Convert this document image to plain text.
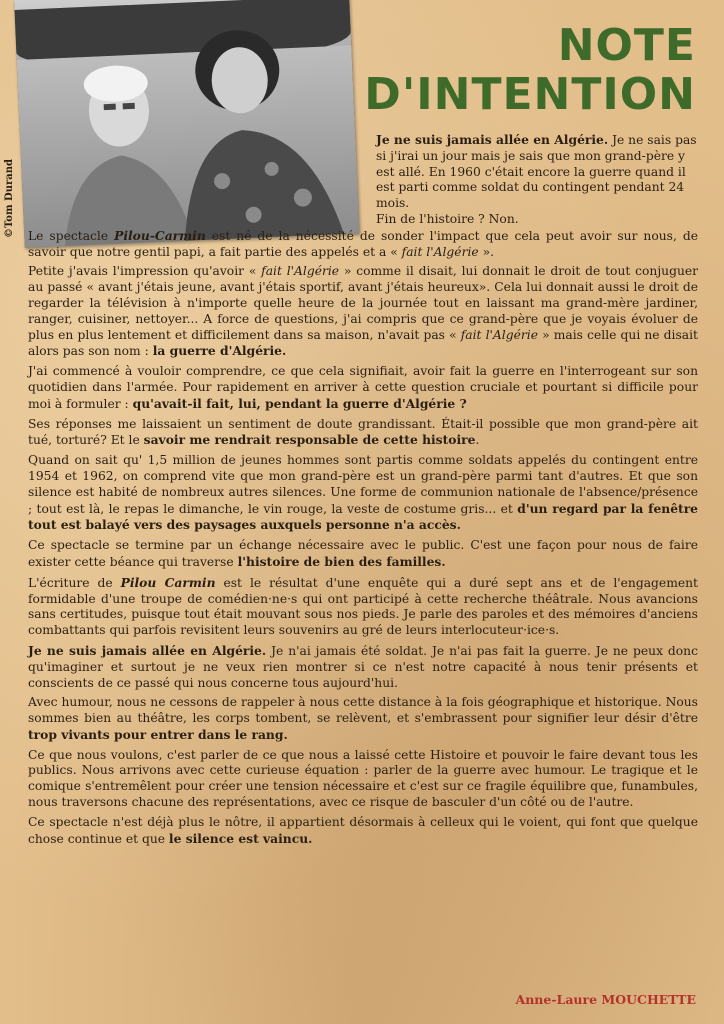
©Tom Durand
NOTE
D'INTENTION
Je ne suis jamais allée en Algérie. Je ne sais pas si j'irai un jour mais je sais que mon grand-père y est allé. En 1960 c'était encore la guerre quand il est parti comme soldat du contingent pendant 24 mois.
Fin de l'histoire ? Non.

Le spectacle Pilou-Carmin est né de la nécessité de sonder l'impact que cela peut avoir sur nous, de savoir que notre gentil papi, a fait partie des appelés et a « fait l'Algérie ».

Petite j'avais l'impression qu'avoir « fait l'Algérie » comme il disait, lui donnait le droit de tout conjuguer au passé « avant j'étais jeune, avant j'étais sportif, avant j'étais heureux». Cela lui donnait aussi le droit de regarder la télévision à n'importe quelle heure de la journée tout en laissant ma grand-mère jardiner, ranger, cuisiner, nettoyer... A force de questions, j'ai compris que ce grand-père que je voyais évoluer de plus en plus lentement et difficilement dans sa maison, n'avait pas « fait l'Algérie » mais celle qui ne disait alors pas son nom : la guerre d'Algérie.

J'ai commencé à vouloir comprendre, ce que cela signifiait, avoir fait la guerre en l'interrogeant sur son quotidien dans l'armée. Pour rapidement en arriver à cette question cruciale et pourtant si difficile pour moi à formuler : qu'avait-il fait, lui, pendant la guerre d'Algérie ?

Ses réponses me laissaient un sentiment de doute grandissant. Était-il possible que mon grand-père ait tué, torturé? Et le savoir me rendrait responsable de cette histoire.

Quand on sait qu' 1,5 million de jeunes hommes sont partis comme soldats appelés du contingent entre 1954 et 1962, on comprend vite que mon grand-père est un grand-père parmi tant d'autres. Et que son silence est habité de nombreux autres silences. Une forme de communion nationale de l'absence/présence ; tout est là, le repas le dimanche, le vin rouge, la veste de costume gris... et d'un regard par la fenêtre tout est balayé vers des paysages auxquels personne n'a accès.

Ce spectacle se termine par un échange nécessaire avec le public. C'est une façon pour nous de faire exister cette béance qui traverse l'histoire de bien des familles.

L'écriture de Pilou Carmin est le résultat d'une enquête qui a duré sept ans et de l'engagement formidable d'une troupe de comédien·ne·s qui ont participé à cette recherche théâtrale. Nous avancions sans certitudes, puisque tout était mouvant sous nos pieds. Je parle des paroles et des mémoires d'anciens combattants qui parfois revisitent leurs souvenirs au gré de leurs interlocuteur·ice·s.

Je ne suis jamais allée en Algérie. Je n'ai jamais été soldat. Je n'ai pas fait la guerre. Je ne peux donc qu'imaginer et surtout je ne veux rien montrer si ce n'est notre capacité à nous tenir présents et conscients de ce passé qui nous concerne tous aujourd'hui.

Avec humour, nous ne cessons de rappeler à nous cette distance à la fois géographique et historique. Nous sommes bien au théâtre, les corps tombent, se relèvent, et s'embrassent pour signifier leur désir d'être trop vivants pour entrer dans le rang.

Ce que nous voulons, c'est parler de ce que nous a laissé cette Histoire et pouvoir le faire devant tous les publics. Nous arrivons avec cette curieuse équation : parler de la guerre avec humour. Le tragique et le comique s'entremêlent pour créer une tension nécessaire et c'est sur ce fragile équilibre que, funambules, nous traversons chacune des représentations, avec ce risque de basculer d'un côté ou de l'autre.

Ce spectacle n'est déjà plus le nôtre, il appartient désormais à celleux qui le voient, qui font que quelque chose continue et que le silence est vaincu.

Anne-Laure MOUCHETTE
